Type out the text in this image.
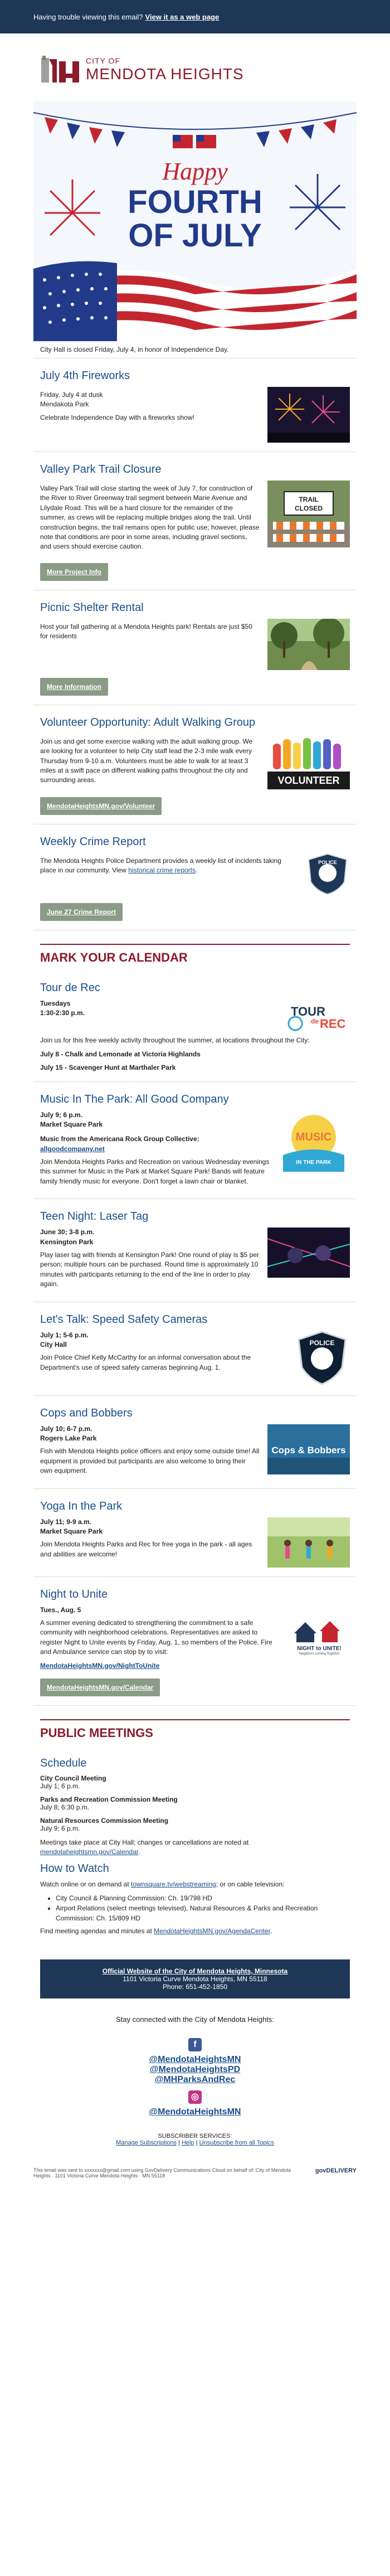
Having trouble viewing this email? View it as a web page
CITY OF
MENDOTA HEIGHTS
Happy
FOURTH
OF JULY
City Hall is closed Friday, July 4, in honor of Independence Day.
July 4th Fireworks

Friday, July 4 at dusk
Mendakota Park

Celebrate Independence Day with a fireworks show!

Valley Park Trail Closure

Valley Park Trail will close starting the week of July 7, for construction of the River to River Greenway trail segment between Marie Avenue and Lilydale Road. This will be a hard closure for the remainder of the summer, as crews will be replacing multiple bridges along the trail. Until construction begins, the trail remains open for public use; however, please note that conditions are poor in some areas, including gravel sections, and users should exercise caution.

TRAIL
CLOSED
More Project Info
Picnic Shelter Rental

Host your fall gathering at a Mendota Heights park! Rentals are just $50 for residents

More Information
Volunteer Opportunity: Adult Walking Group

Join us and get some exercise walking with the adult walking group. We are looking for a volunteer to help City staff lead the 2-3 mile walk every Thursday from 9-10 a.m. Volunteers must be able to walk for at least 3 miles at a swift pace on different walking paths throughout the city and surrounding areas.	VOLUNTEER
MendotaHeightsMN.gov/Volunteer
Weekly Crime Report

The Mendota Heights Police Department provides a weekly list of incidents taking place in our community. View historical crime reports.

POLICE
June 27 Crime Report
MARK YOUR CALENDAR
Tour de Rec
Tuesdays
1:30-2:30 p.m.	TOUR
de REC

Join us for this free weekly activity throughout the summer, at locations throughout the City:

July 8 - Chalk and Lemonade at Victoria Highlands
July 15 - Scavenger Hunt at Marthaler Park
Music In The Park: All Good Company
July 9; 6 p.m.
Market Square Park
Music from the Americana Rock Group Collective:
allgoodcompany.net

Join Mendota Heights Parks and Recreation on various Wednesday evenings this summer for Music in the Park at Market Square Park! Bands will feature family friendly music for everyone. Don't forget a lawn chair or blanket.

MUSIC
IN THE PARK
Teen Night: Laser Tag
June 30; 3-8 p.m.
Kensington Park

Play laser tag with friends at Kensington Park! One round of play is $5 per person; multiple hours can be purchased. Round time is approximately 10 minutes with participants returning to the end of the line in order to play again.

Let's Talk: Speed Safety Cameras
July 1; 5-6 p.m.
City Hall

Join Police Chief Kelly McCarthy for an informal conversation about the Department's use of speed safety cameras beginning Aug. 1.

POLICE
Cops and Bobbers
July 10; 6-7 p.m.
Rogers Lake Park

Fish with Mendota Heights police officers and enjoy some outside time! All equipment is provided but participants are also welcome to bring their own equipment.

Cops & Bobbers
Yoga In the Park
July 11; 9-9 a.m.
Market Square Park

Join Mendota Heights Parks and Rec for free yoga in the park - all ages and abilities are welcome!

Night to Unite
Tues., Aug. 5

A summer evening dedicated to strengthening the commitment to a safe community with neighborhood celebrations. Representatives are asked to register Night to Unite events by Friday, Aug. 1, so members of the Police, Fire and Ambulance service can stop by to visit:

MendotaHeightsMN.gov/NightToUnite
NIGHT to UNITE!
Neighbors coming Together
MendotaHeightsMN.gov/Calendar
PUBLIC MEETINGS
Schedule
City Council Meeting
July 1; 6 p.m.
Parks and Recreation Commission Meeting
July 8; 6:30 p.m.
Natural Resources Commission Meeting
July 9; 6 p.m.

Meetings take place at City Hall; changes or cancellations are noted at mendotaheightsmn.gov/Calendar.

How to Watch

Watch online or on demand at townsquare.tv/webstreaming; or on cable television:

• City Council & Planning Commission: Ch. 19/798 HD
• Airport Relations (select meetings televised), Natural Resources & Parks and Recreation Commission: Ch. 15/809 HD

Find meeting agendas and minutes at MendotaHeightsMN.gov/AgendaCenter.

Official Website of the City of Mendota Heights, Minnesota
1101 Victoria Curve Mendota Heights, MN 55118
Phone: 651-452-1850
Stay connected with the City of Mendota Heights:
f
@MendotaHeightsMN
@MendotaHeightsPD
@MHParksAndRec
◎
@MendotaHeightsMN
SUBSCRIBER SERVICES:
Manage Subscriptions | Help | Unsubscribe from all Topics
This email was sent to xxxxxxx@gmail.com using GovDelivery Communications Cloud on behalf of: City of Mendota Heights · 1101 Victoria Curve Mendota Heights · MN 55118
govDELIVERY
